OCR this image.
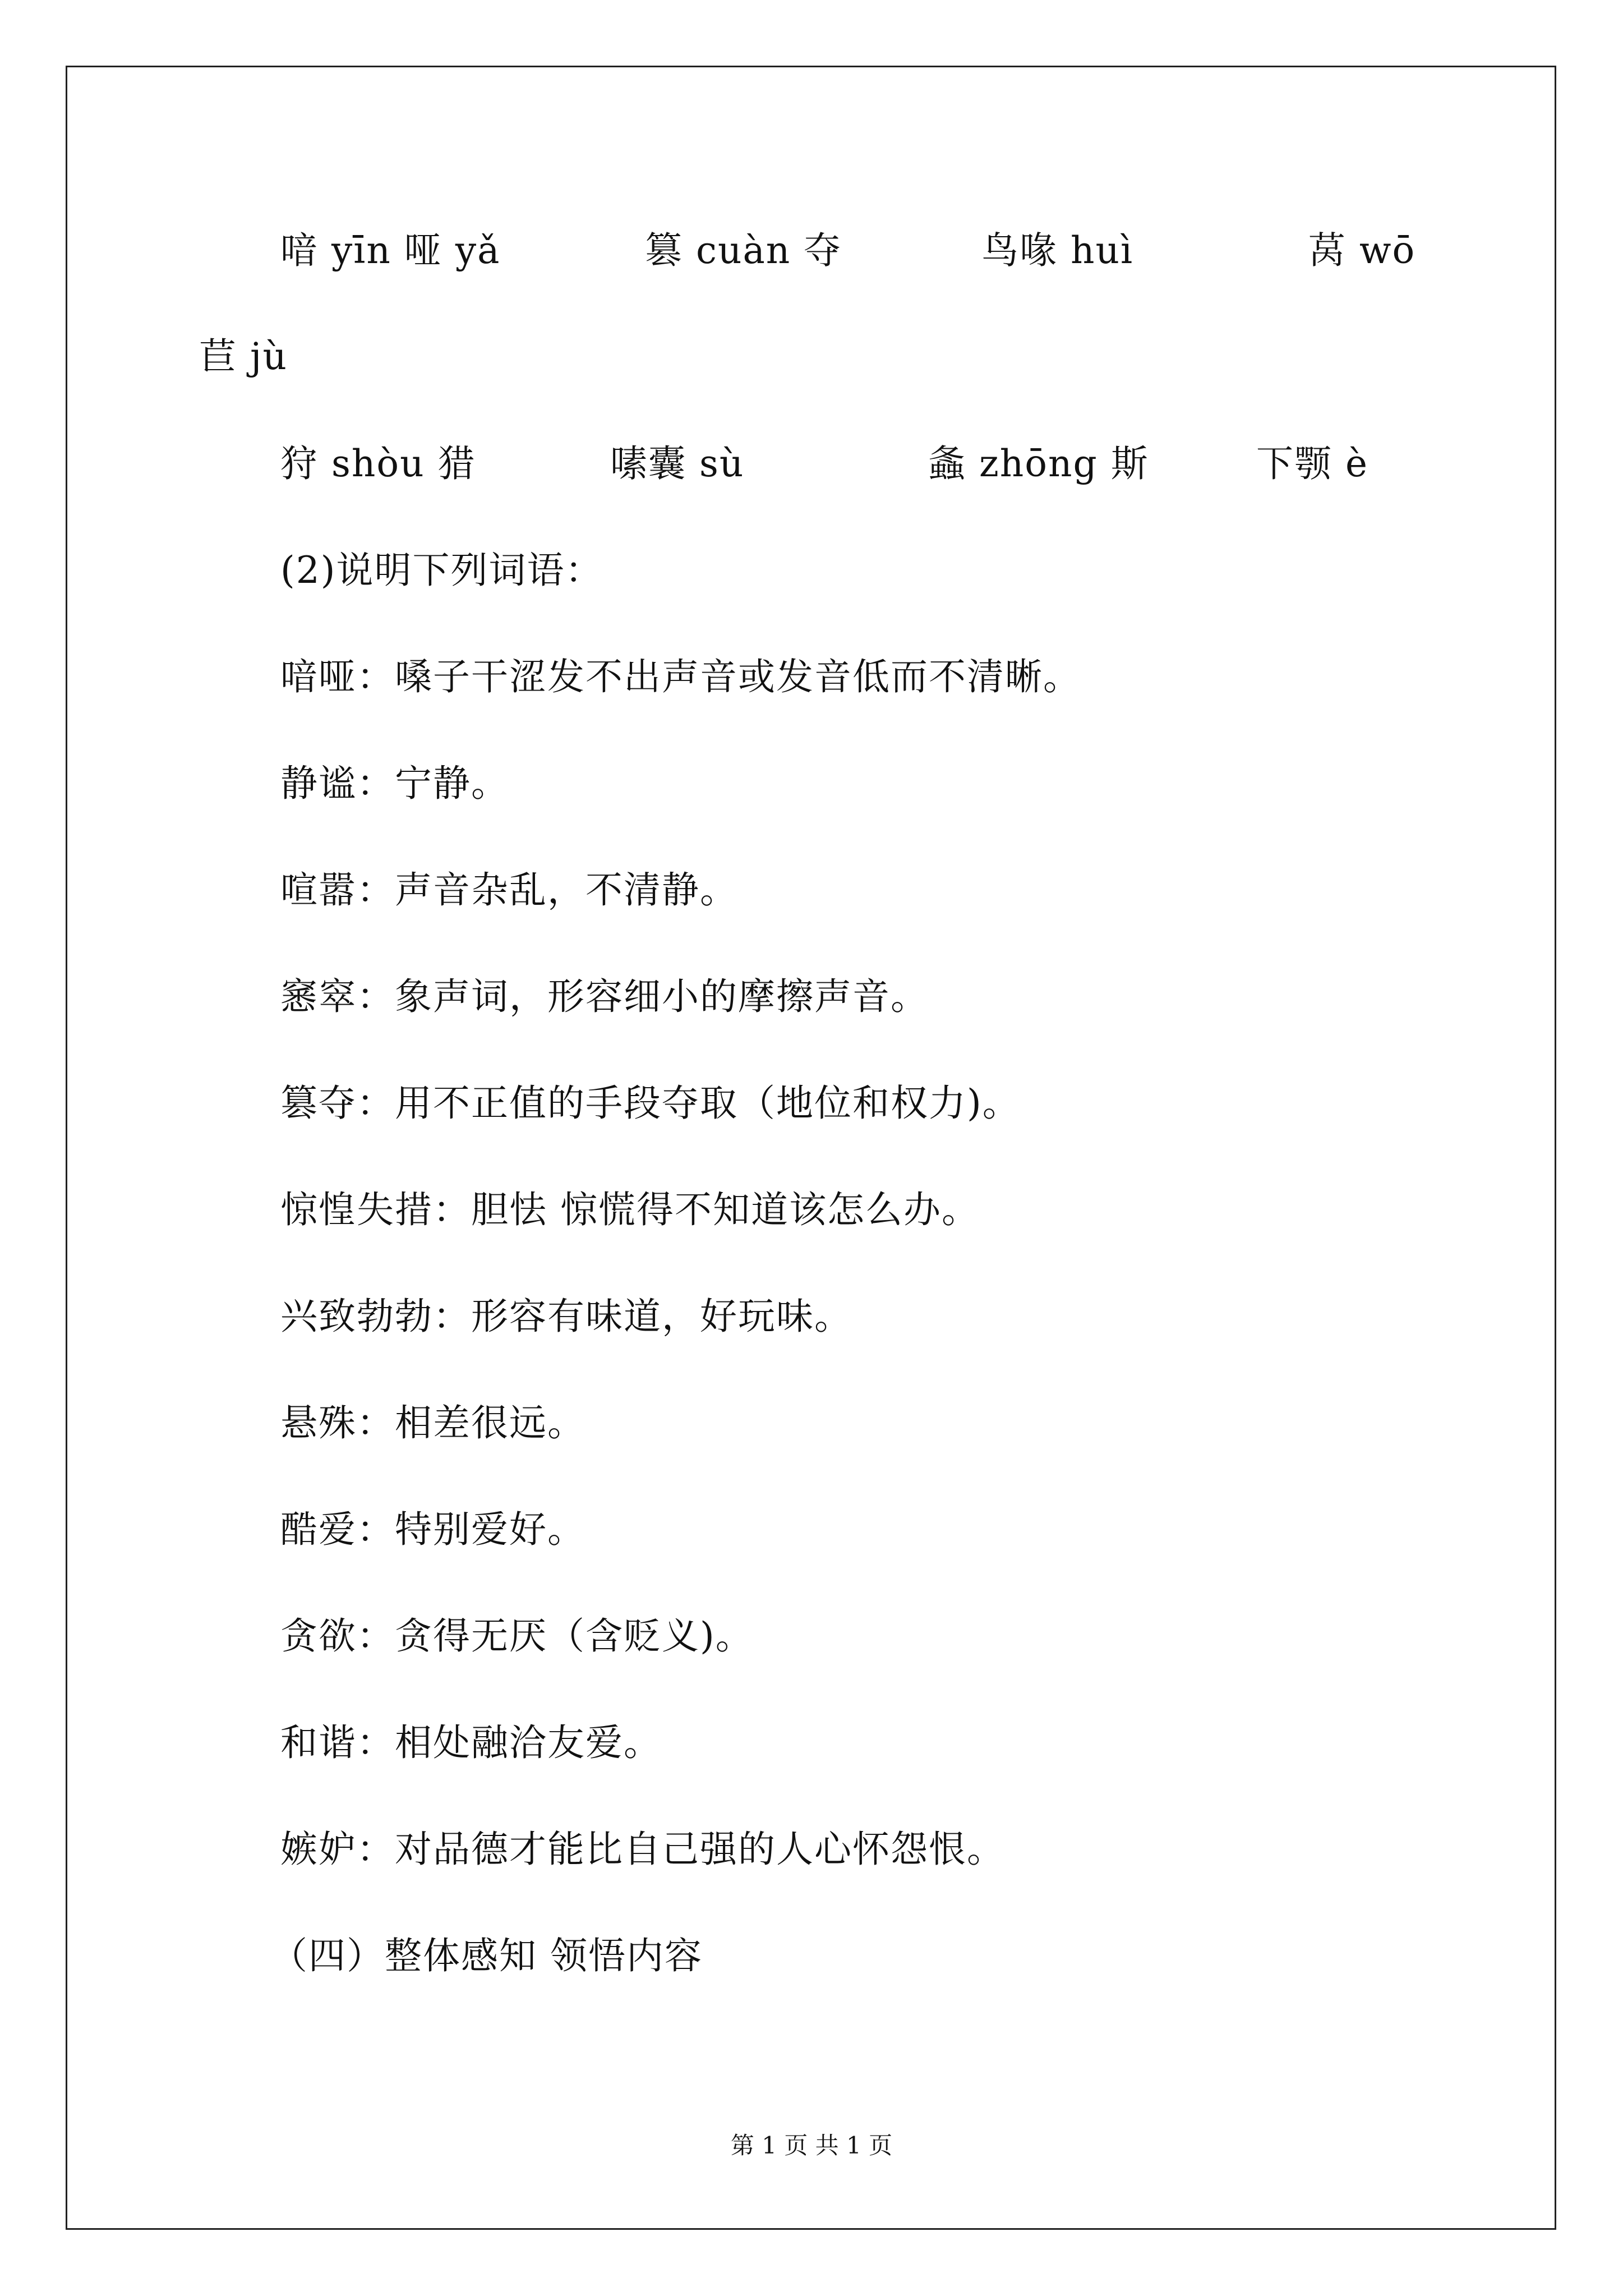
喑 yīn 哑 yǎ	篡 cuàn 夺	鸟喙 huì	莴 wō
苣 jù
狩 shòu 猎	嗉囊 sù	螽 zhōng 斯	下颚 è
(2)说明下列词语：
喑哑：嗓子干涩发不出声音或发音低而不清晰。
静谧：宁静。
喧嚣：声音杂乱，不清静。
窸窣：象声词，形容细小的摩擦声音。
篡夺：用不正值的手段夺取（地位和权力)。
惊惶失措：胆怯 惊慌得不知道该怎么办。
兴致勃勃：形容有味道，好玩味。
悬殊：相差很远。
酷爱：特别爱好。
贪欲：贪得无厌（含贬义)。
和谐：相处融洽友爱。
嫉妒：对品德才能比自己强的人心怀怨恨。
（四）整体感知 领悟内容
第 1 页 共 1 页
